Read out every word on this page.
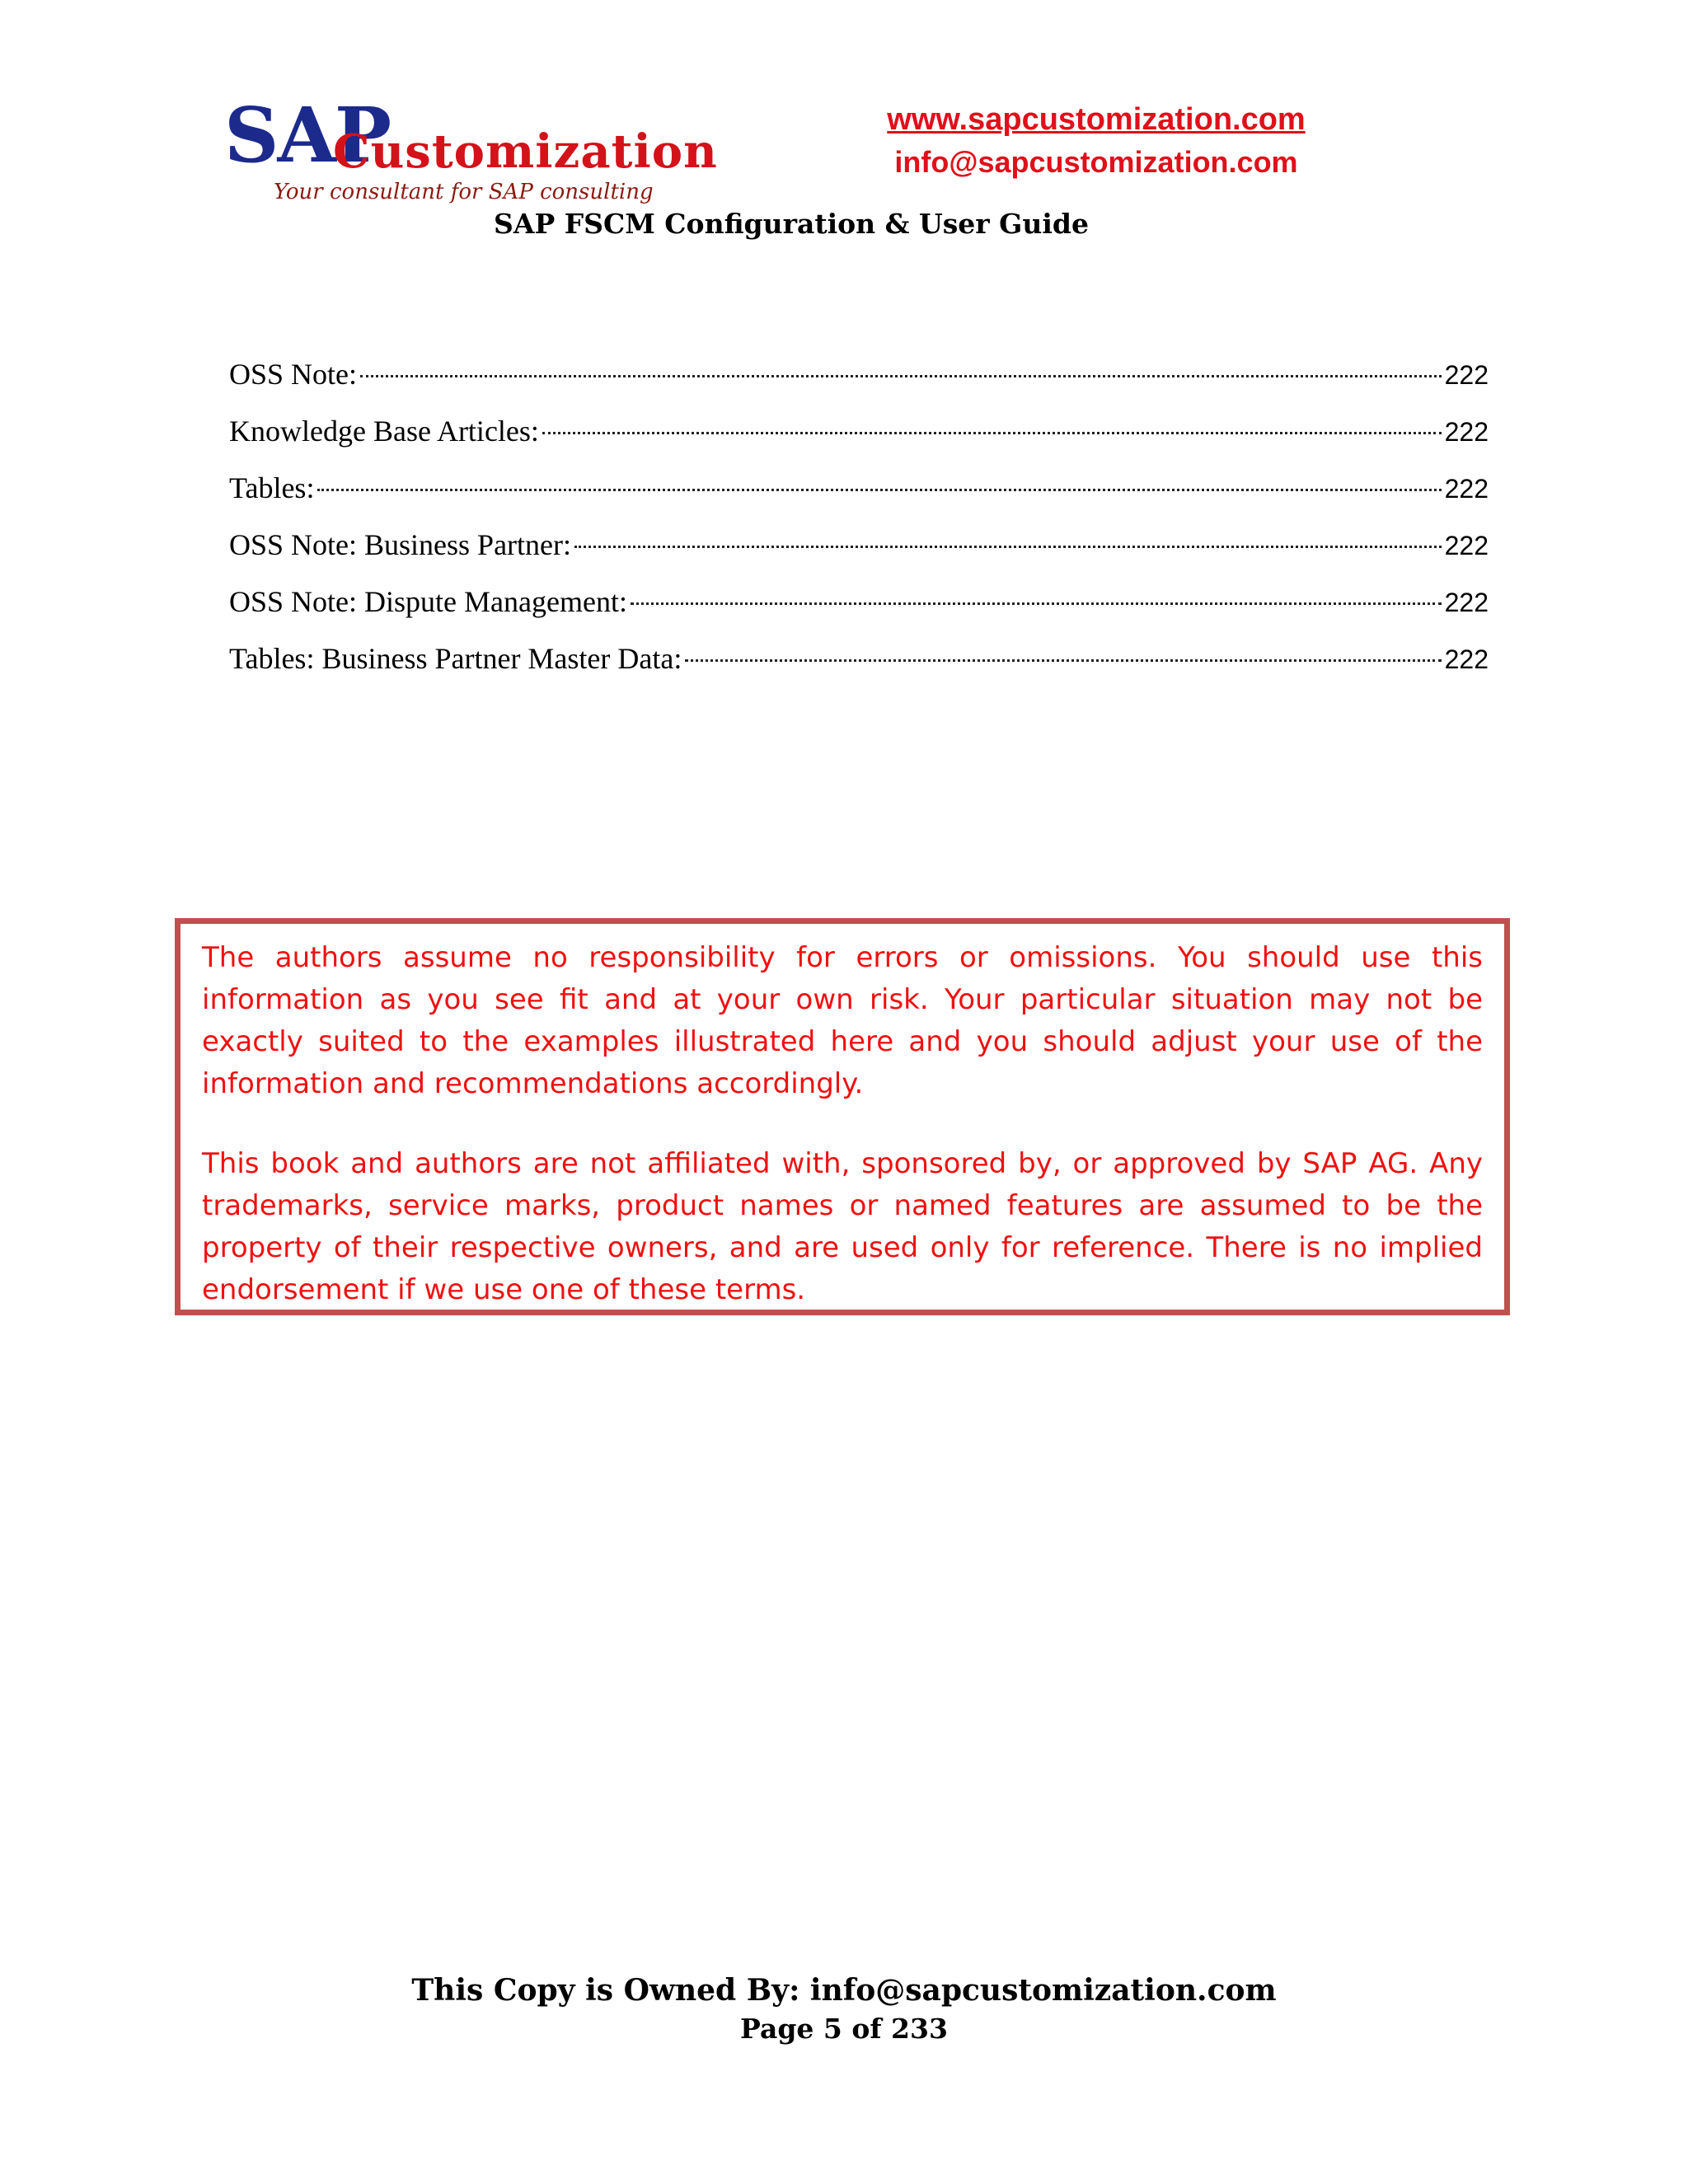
SAP
Customization
Your consultant for SAP consulting
www.sapcustomization.com
info@sapcustomization.com
SAP FSCM Configuration & User Guide
OSS Note:	222
Knowledge Base Articles:	222
Tables:	222
OSS Note: Business Partner:	222
OSS Note: Dispute Management:	222
Tables: Business Partner Master Data:	222

The authors assume no responsibility for errors or omissions. You should use this information as you see fit and at your own risk. Your particular situation may not be exactly suited to the examples illustrated here and you should adjust your use of the information and recommendations accordingly.

This book and authors are not affiliated with, sponsored by, or approved by SAP AG. Any trademarks, service marks, product names or named features are assumed to be the property of their respective owners, and are used only for reference. There is no implied endorsement if we use one of these terms.

This Copy is Owned By: info@sapcustomization.com
Page 5 of 233
